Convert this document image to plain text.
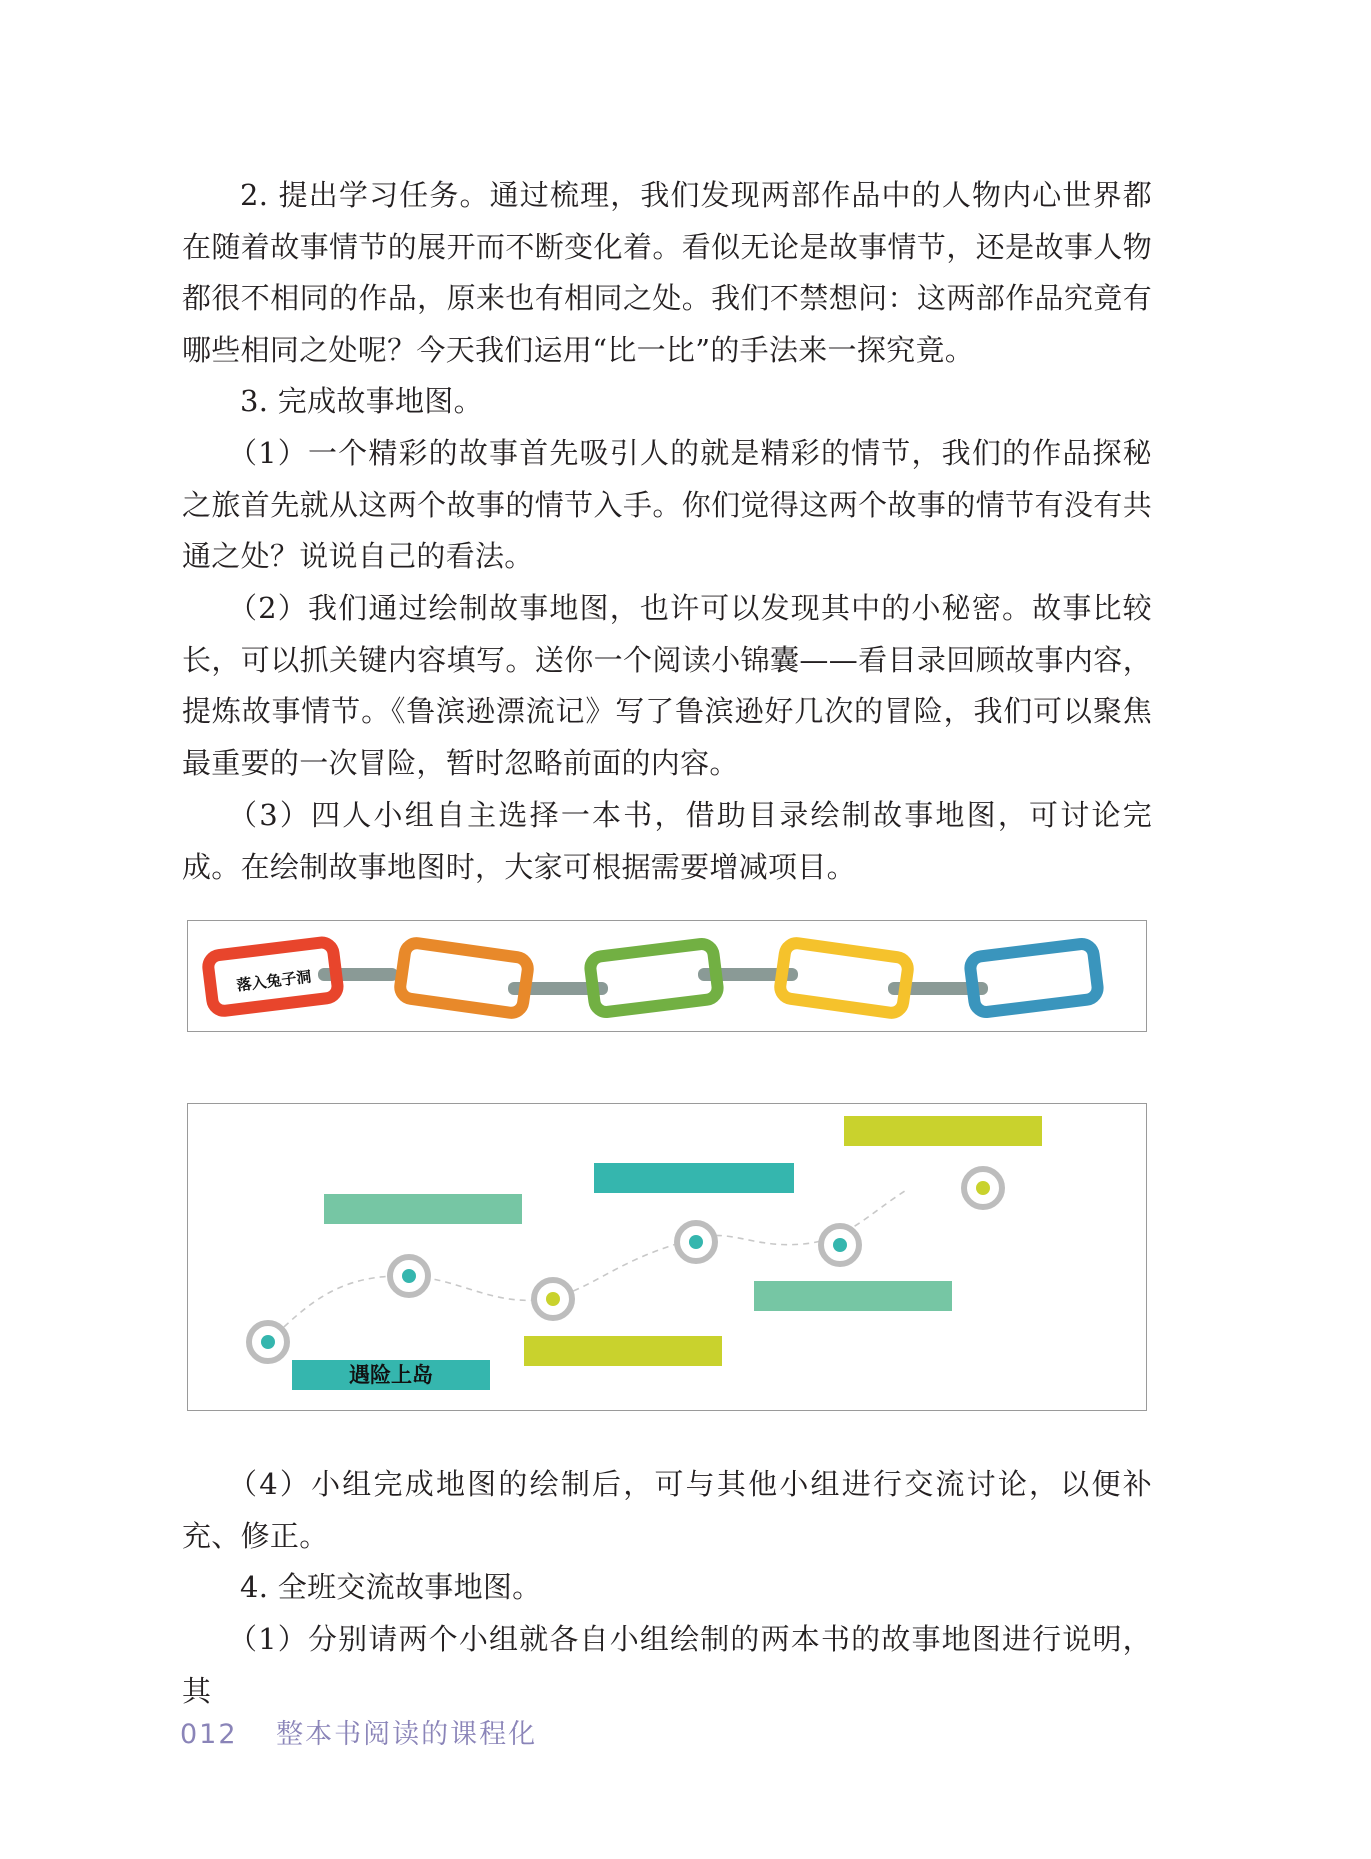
2. 提出学习任务。通过梳理，我们发现两部作品中的人物内心世界都在随着故事情节的展开而不断变化着。看似无论是故事情节，还是故事人物都很不相同的作品，原来也有相同之处。我们不禁想问：这两部作品究竟有哪些相同之处呢？今天我们运用“比一比”的手法来一探究竟。

3. 完成故事地图。

（1）一个精彩的故事首先吸引人的就是精彩的情节，我们的作品探秘之旅首先就从这两个故事的情节入手。你们觉得这两个故事的情节有没有共通之处？说说自己的看法。

（2）我们通过绘制故事地图，也许可以发现其中的小秘密。故事比较长，可以抓关键内容填写。送你一个阅读小锦囊——看目录回顾故事内容，提炼故事情节。《鲁滨逊漂流记》写了鲁滨逊好几次的冒险，我们可以聚焦最重要的一次冒险，暂时忽略前面的内容。

（3）四人小组自主选择一本书，借助目录绘制故事地图，可讨论完成。在绘制故事地图时，大家可根据需要增减项目。

落入兔子洞
遇险上岛

（4）小组完成地图的绘制后，可与其他小组进行交流讨论，以便补充、修正。

4. 全班交流故事地图。

（1）分别请两个小组就各自小组绘制的两本书的故事地图进行说明，其

012 整本书阅读的课程化
